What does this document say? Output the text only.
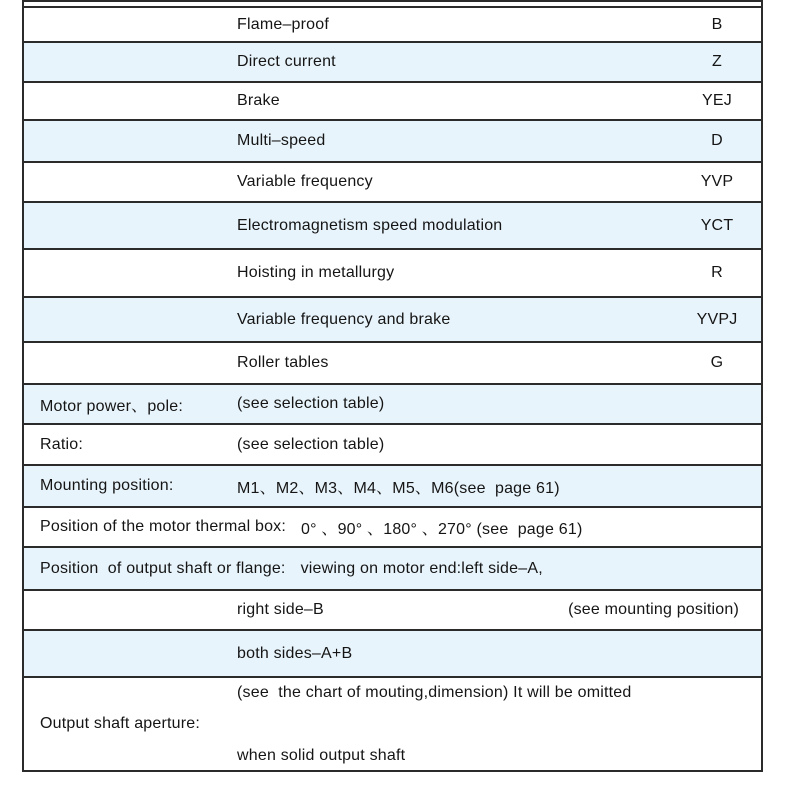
Flame–proof	B
Direct current	Z
Brake	YEJ
Multi–speed	D
Variable frequency	YVP
Electromagnetism speed modulation	YCT
Hoisting in metallurgy	R
Variable frequency and brake	YVPJ
Roller tables	G
Motor power、pole:	(see selection table)
Ratio:	(see selection table)
Mounting position:	M1、M2、M3、M4、M5、M6(see  page 61)
Position of the motor thermal box: 0° 、90° 、180° 、270° (see  page 61)
Position  of output shaft or flange: viewing on motor end:left side–A,
right side–B	(see mounting position)
both sides–A+B
Output shaft aperture:

(see  the chart of mouting,dimension) It will be omitted

when solid output shaft
